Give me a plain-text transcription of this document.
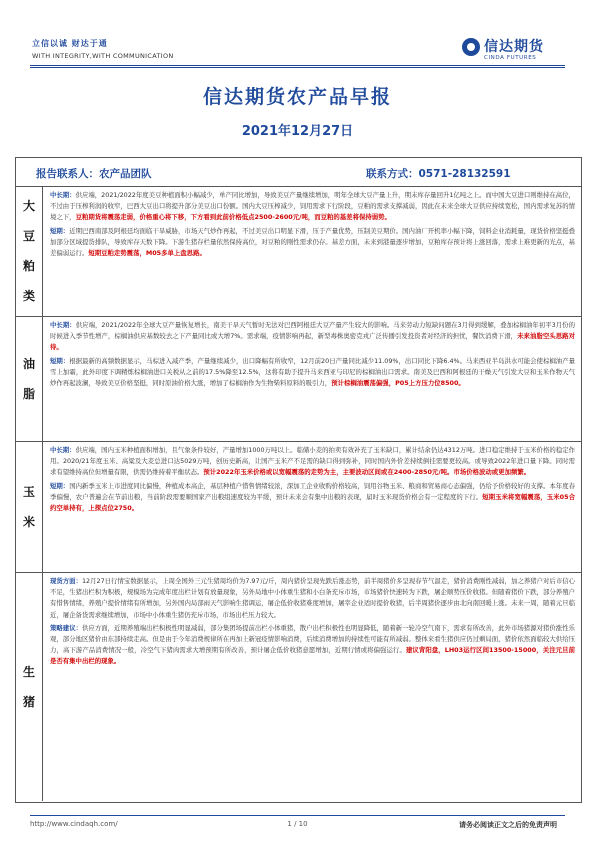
立信以诚 财达于通
WITH INTEGRITY,WITH COMMUNICATION
信达期货
CINDA FUTURES
信达期货农产品早报
2021年12月27日
报告联系人：农产品团队	联系方式：0571-28132591
大
豆
粕
类

中长期：供应端，2021/2022年度美豆种植面积小幅减少，单产同比增加，导致美豆产量继续增加，明年全球大豆产量上升，期末库存量回升1亿吨之上。而中国大豆进口则维持在高位，不过由于压榨利润的收窄，巴西大豆出口将提升部分美豆出口份额。国内大豆压榨减少，饲用需求下行阶段，豆粕的需求支撑减弱，因此在未来全球大豆供应持续宽松，国内需求复苏的情境之下，豆粕期货将震荡走弱，价格重心将下移，下方看到此前价格低点2500-2600元/吨，而豆粕的基差将保持弱势。

短期：近期巴西南部及阿根廷均面临干旱威胁，市场天气炒作再起，不过美豆出口明显下滑，压于产量优势，压制美豆期价。国内油厂开机率小幅下降，饲料企业消耗量，现货价格坚挺叠加部分区域提货排队，导致库存天数下降。下游生猪存栏量依然保持高位，对豆粕的刚性需求仍存。基差方面，未来到港量逐步增加，豆粕库存预计将上涨回落，需求上难更新的光点，基差偏弱运行。短期豆粕走势震荡，M05多单上盘思路。

油
脂

中长期：供应端，2021/2022年全球大豆产量恢复增长，南美干旱天气暂时无法对巴西阿根廷大豆产量产生较大的影响。马来劳动力短缺问题在3月得到缓解，叠加棕榈油年初平3月份的时候进入季节性增产，棕榈油供应基数较去之下产量同比或大增7%。需求端，疫情影响再起，新型毒株奥密克戎广泛传播引发投资者对经济的担忧，餐饮消费下滑，未来油脂空头思路对待。

短期：根据最新的高频数据显示，马棕进入减产季，产量继续减少，出口降幅有所收窄，12月前20日产量同比减少11.09%，出口同比下降6.4%。马来西亚半岛洪水可能会使棕榈油产量雪上加霜，此外印度下调精炼棕榈油进口关税从之前的17.5%降至12.5%，这将有助于提升马来西亚与印尼的棕榈油出口需求。南美及巴西和阿根廷的干燥天气引发大豆和玉米作物天气炒作再起波澜，导致美豆价格坚挺，同时原油价格大涨，增加了棕榈油作为生物柴料原料的吸引力，预计棕榈油震荡偏强，P05上方压力位8500。

玉
米

中长期：供应端，国内玉米种植面积增加，且气象条件较好，产量增加1000万吨以上。临储小麦的拍卖有效补充了玉米缺口，累计结余仍达4312万吨。进口稳定维持于玉米价格的稳定作用。2020/21年度玉米、高粱及大麦总进口达5029万吨，创历史新高，让国产玉米产不足需的缺口得到弥补，同时国内外价差持续倒挂需要更较高。或导致2022年进口量下降。同时需求有望维持高位但增量有限，供需仍维持着平衡状态。预计2022年玉米价格或以宽幅震荡的走势为主，主要波动区间或在2400-2850元/吨。市场价格波动或更加频繁。

短期：国内新季玉米上市进度同比偏慢，种植成本高企，基层种植户惜售情绪较浓，深加工企业收购价格较高，饲用谷物玉米、粮商和贸易商心态偏强，仍给予价格较好的支撑。本年度春季偏慢，农户普遍会在节前出粮，当前阶段需要顺国家产出粮组速度较为平缓，预计未来会有集中出粮的表现，届时玉米现货价格会有一定程度的下行。短期玉米将宽幅震荡，玉米05合约空单持有，上探点位2750。

生
猪

现货方面：12月27日行情宝数据显示，上周全国外三元生猪周均价为7.97元/斤，周内猪价呈现先跌后涨态势，前半周猪价多呈现春节气温走，猪价消费刚性减弱，加之养猪户对后市信心不足，生猪出栏积为积极，规模场为完成年度出栏计划有放量现象，另外局地中小体重生猪和小白条充斥市场，市场猪价快速转为下跌，屠企顺势压价收猪。但随着猪价下跌，部分养殖户有惜售情绪，养殖户提价情绪有所增加，另外国内局部雨天气影响生猪调运，屠企低价收猪难度增加，屠宰企业适时提价收猪，后半周猪价逐步由北向南回暖上涨。未来一周，随着元旦临近，屠企备货需求继续增加，市场中小体重生猪仍充斥市场，市场出栏压力较大。

策略建议：供应方面，近期养殖端出栏积极性明显减弱，部分集团场提前出栏小体重猪，散户出栏积极性也明显降低，随着新一轮冷空气南下，需求有所改善，此外市场猪源对猪价涨性乐观，部分地区猪价由东部持续走高。但是由于今年消费规律所在再加上新冠疫情影响消费，后续消费增加的持续性可能有所减弱。整体来看生猪供应仍过剩局面，猪价依然面临较大供给压力，高下游产品消费情况一般，冷空气下猪肉需求大增预期有所改善，预计屠企低价收猪意愿增加，近期行情或将偏强运行。建议背阳盘，LH03运行区间13500-15000，关注元旦前是否有集中出栏的现象。

http://www.cindaqh.com/	1 / 10	请务必阅读正文之后的免责声明
